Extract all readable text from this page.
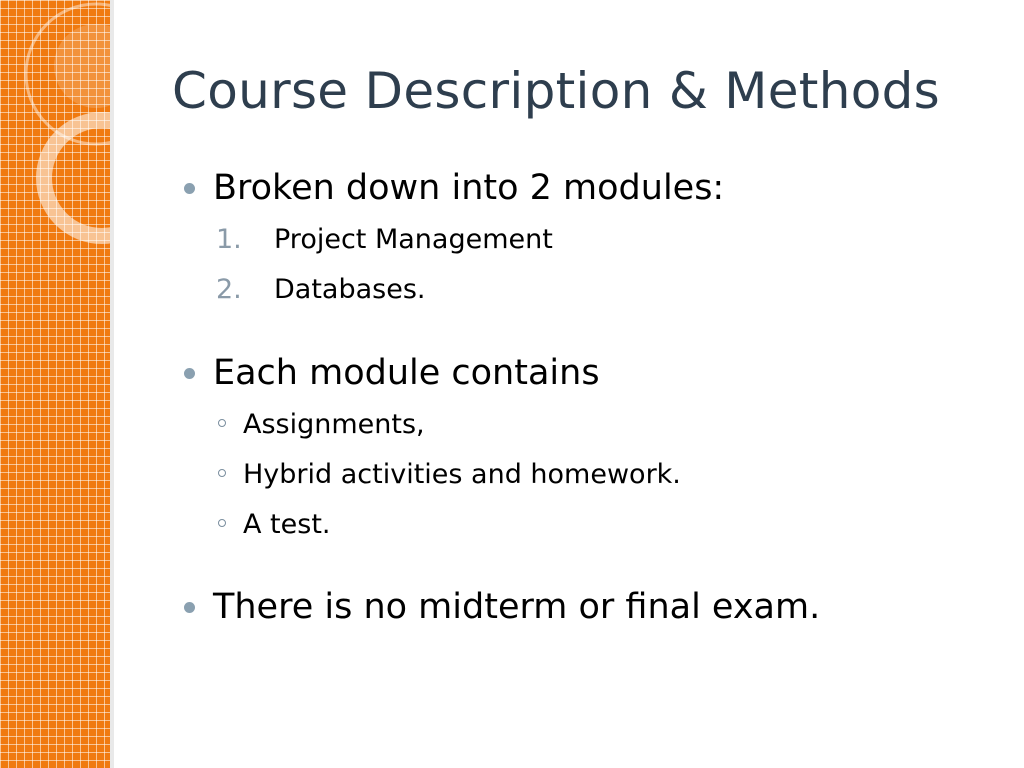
Course Description & Methods
Broken down into 2 modules:
1. Project Management
2. Databases.
Each module contains
Assignments,
Hybrid activities and homework.
A test.
There is no midterm or final exam.
